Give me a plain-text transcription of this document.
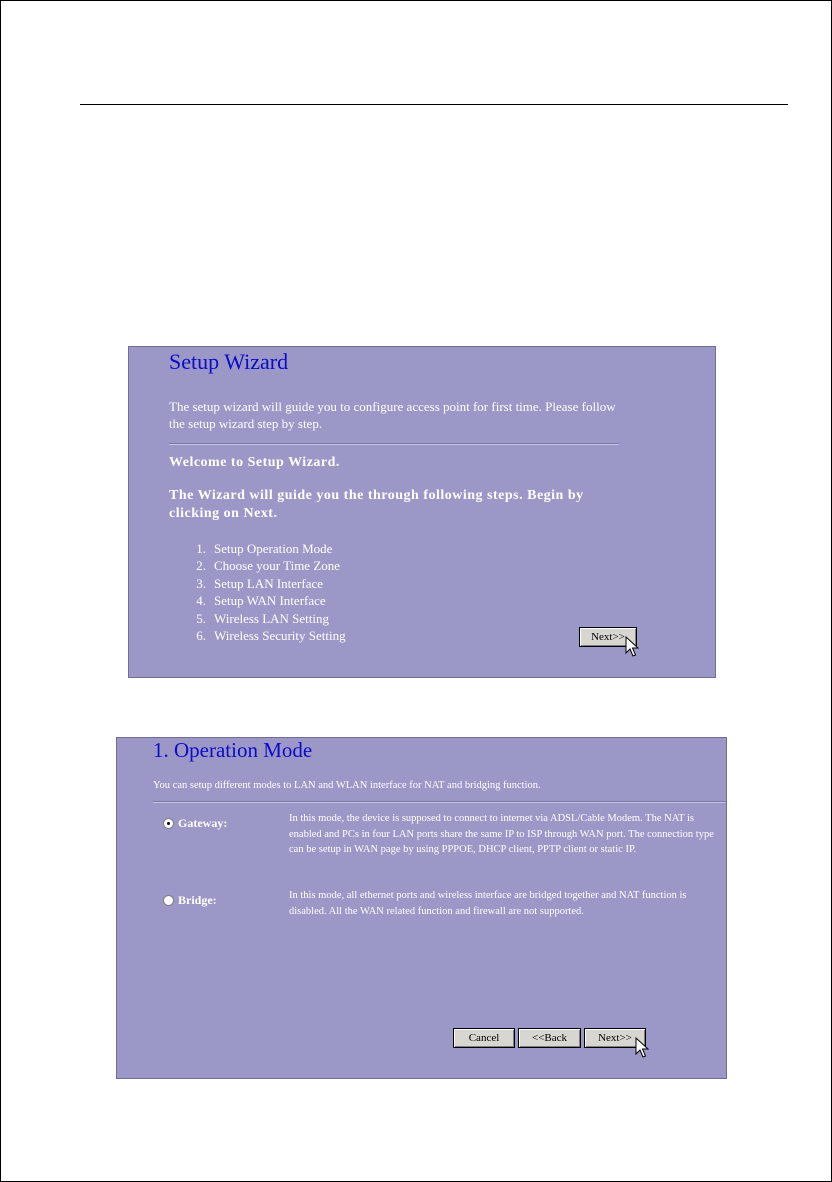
Setup Wizard
The setup wizard will guide you to configure access point for first time. Please follow the setup wizard step by step.
Welcome to Setup Wizard.
The Wizard will guide you the through following steps. Begin by clicking on Next.
1. Setup Operation Mode
2. Choose your Time Zone
3. Setup LAN Interface
4. Setup WAN Interface
5. Wireless LAN Setting
6. Wireless Security Setting	Next>>
1. Operation Mode
You can setup different modes to LAN and WLAN interface for NAT and bridging function.
Gateway:	In this mode, the device is supposed to connect to internet via ADSL/Cable Modem. The NAT is enabled and PCs in four LAN ports share the same IP to ISP through WAN port. The connection type can be setup in WAN page by using PPPOE, DHCP client, PPTP client or static IP.
Bridge:	In this mode, all ethernet ports and wireless interface are bridged together and NAT function is disabled. All the WAN related function and firewall are not supported.
Cancel	<<Back	Next>>
